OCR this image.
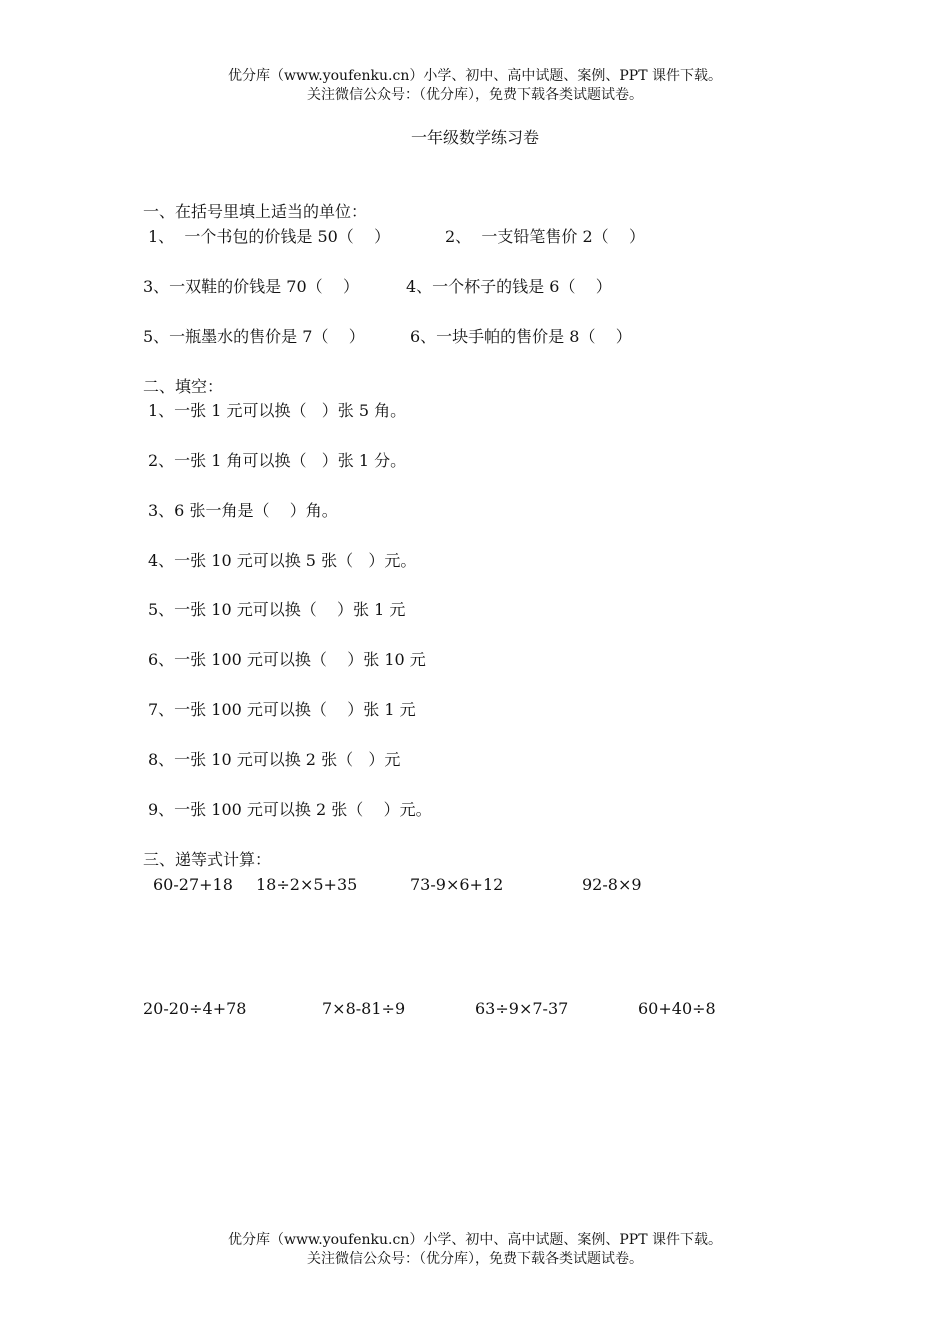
优分库（www.youfenku.cn）小学、初中、高中试题、案例、PPT 课件下载。
关注微信公众号：（优分库），免费下载各类试题试卷。
一年级数学练习卷
一、在括号里填上适当的单位：
1、  一个书包的价钱是 50（    ）	2、  一支铅笔售价 2（    ）
3、一双鞋的价钱是 70（    ）	4、一个杯子的钱是 6（    ）
5、一瓶墨水的售价是 7（    ）	6、一块手帕的售价是 8（    ）
二、填空：
1、一张 1 元可以换（   ）张 5 角。
2、一张 1 角可以换（   ）张 1 分。
3、6 张一角是（    ）角。
4、一张 10 元可以换 5 张（   ）元。
5、一张 10 元可以换（    ）张 1 元
6、一张 100 元可以换（    ）张 10 元
7、一张 100 元可以换（    ）张 1 元
8、一张 10 元可以换 2 张（   ）元
9、一张 100 元可以换 2 张（    ）元。
三、递等式计算：
60-27+18 18÷2×5+35	73-9×6+12	92-8×9
20-20÷4+78	7×8-81÷9	63÷9×7-37	60+40÷8
优分库（www.youfenku.cn）小学、初中、高中试题、案例、PPT 课件下载。
关注微信公众号：（优分库），免费下载各类试题试卷。
